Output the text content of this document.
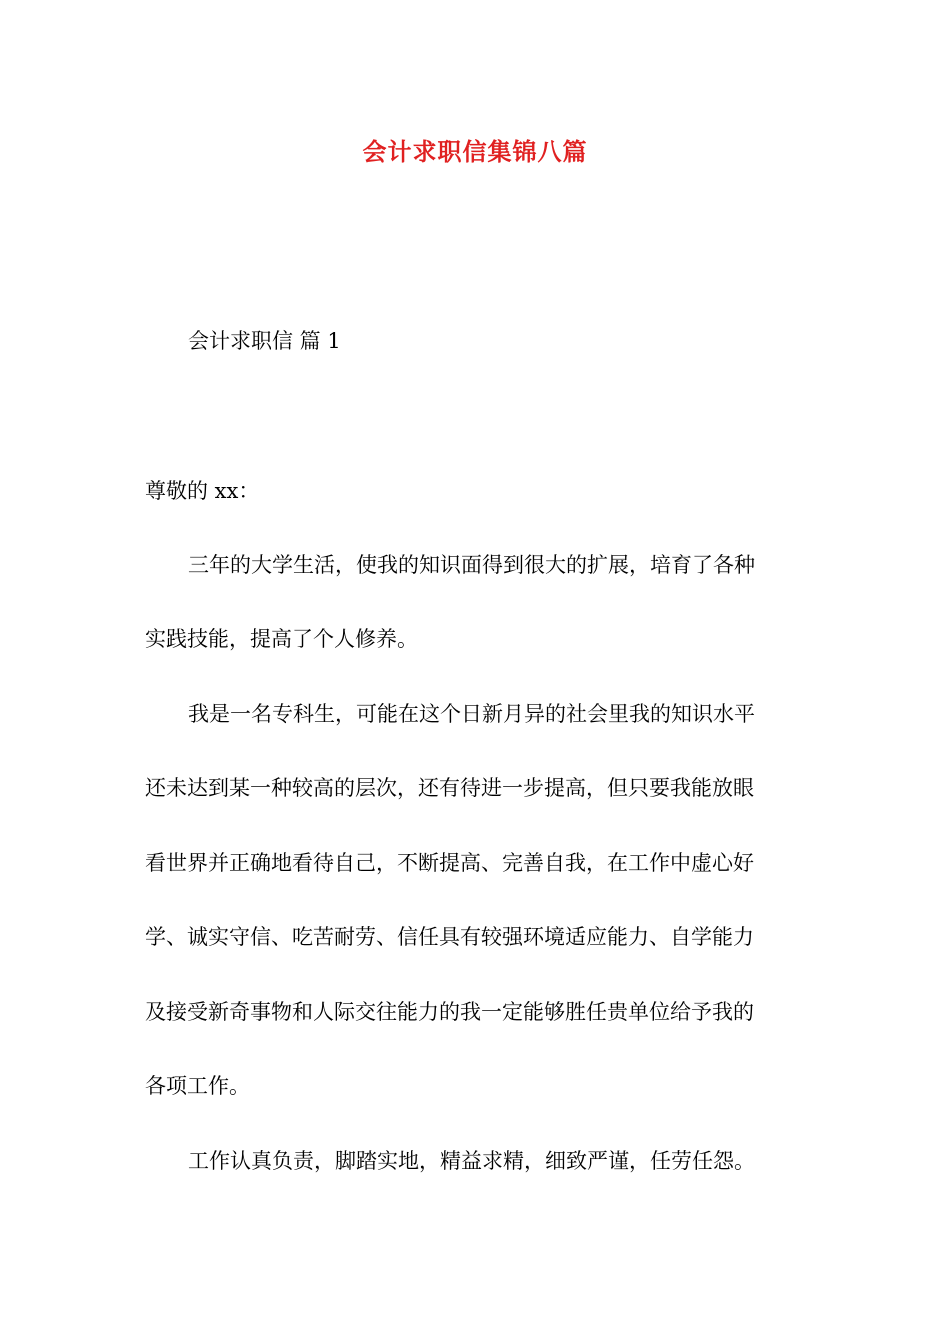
会计求职信集锦八篇
会计求职信 篇 1
尊敬的 xx：
三年的大学生活，使我的知识面得到很大的扩展，培育了各种
实践技能，提高了个人修养。
我是一名专科生，可能在这个日新月异的社会里我的知识水平
还未达到某一种较高的层次，还有待进一步提高，但只要我能放眼
看世界并正确地看待自己，不断提高、完善自我，在工作中虚心好
学、诚实守信、吃苦耐劳、信任具有较强环境适应能力、自学能力
及接受新奇事物和人际交往能力的我一定能够胜任贵单位给予我的
各项工作。
工作认真负责，脚踏实地，精益求精，细致严谨，任劳任怨。
